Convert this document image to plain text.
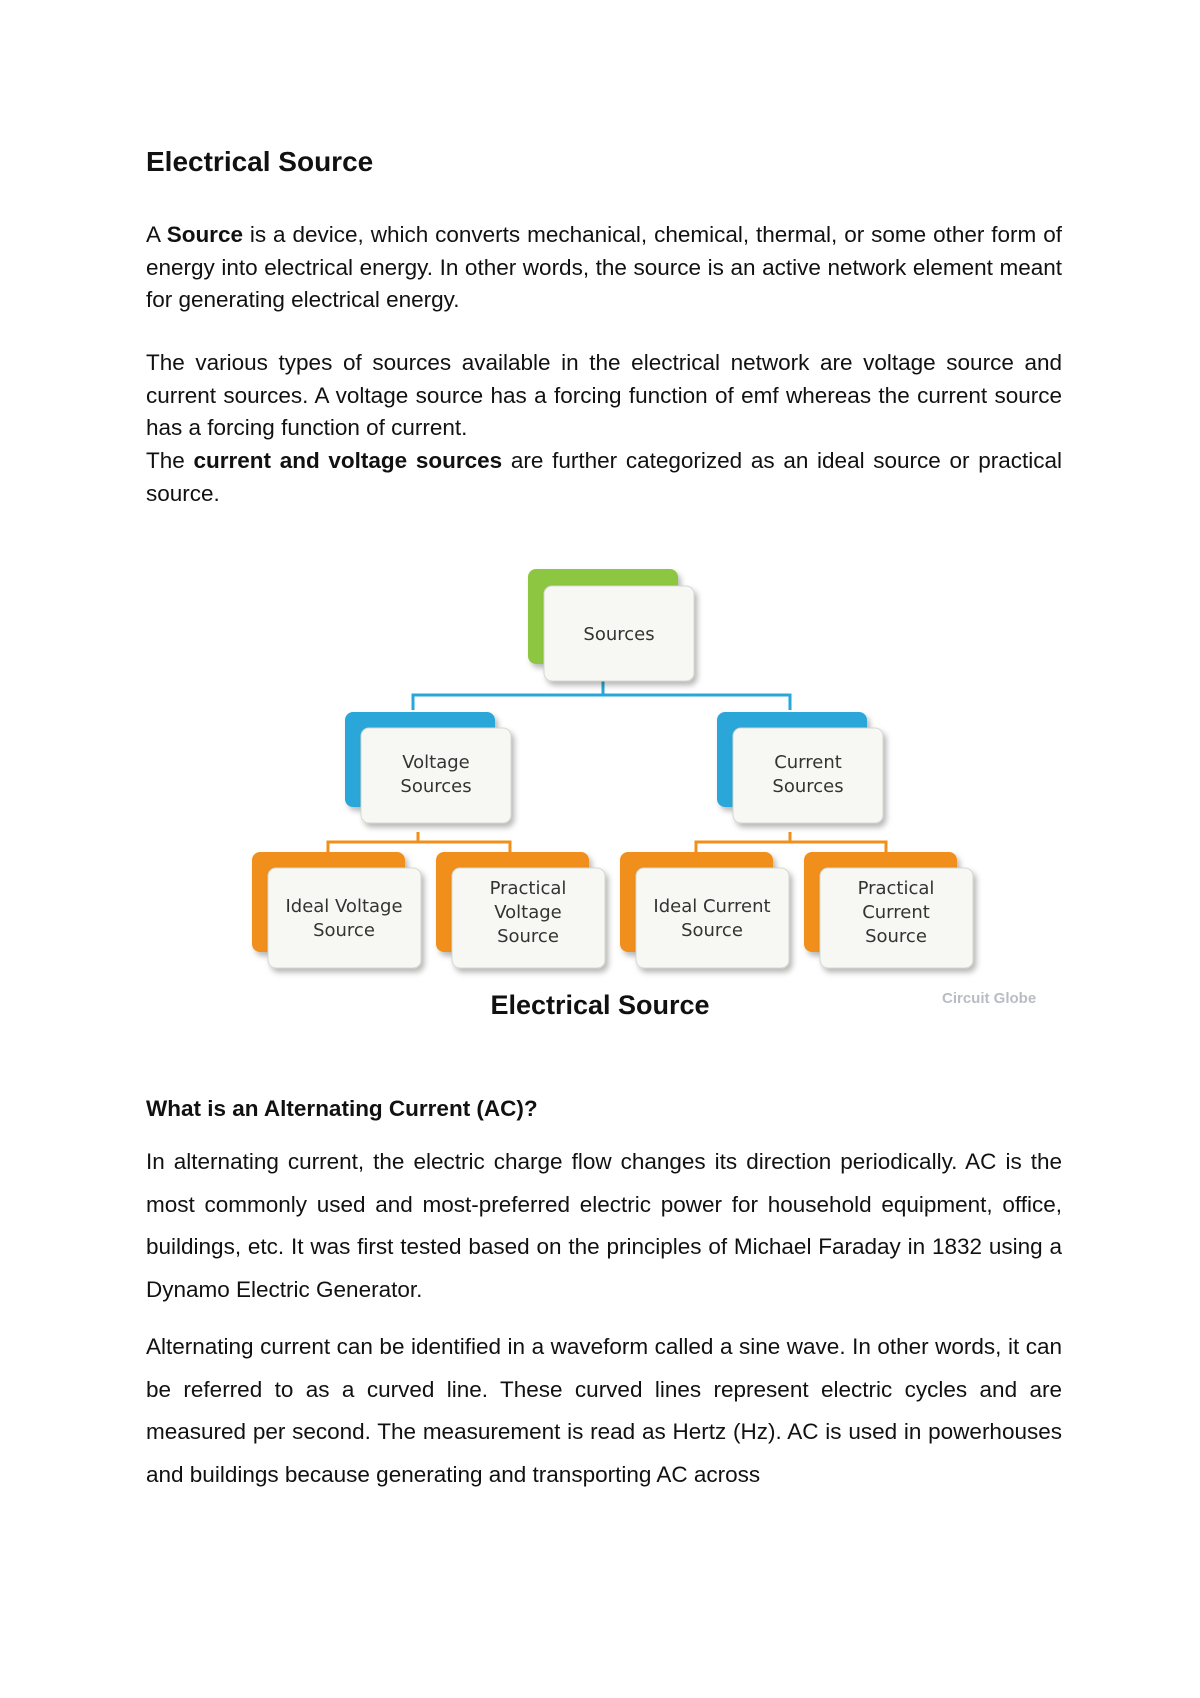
Electrical Source

A Source is a device, which converts mechanical, chemical, thermal, or some other form of energy into electrical energy. In other words, the source is an active network element meant for generating electrical energy.

The various types of sources available in the electrical network are voltage source and current sources. A voltage source has a forcing function of emf whereas the current source has a forcing function of current.

The current and voltage sources are further categorized as an ideal source or practical source.

Sources
Voltage
Sources
Current
Sources
Ideal Voltage
Source
Practical
Voltage
Source
Ideal Current
Source
Practical
Current
Source

Electrical Source	Circuit Globe
What is an Alternating Current (AC)?

In alternating current, the electric charge flow changes its direction periodically. AC is the most commonly used and most-preferred electric power for household equipment, office, buildings, etc. It was first tested based on the principles of Michael Faraday in 1832 using a Dynamo Electric Generator.

Alternating current can be identified in a waveform called a sine wave. In other words, it can be referred to as a curved line. These curved lines represent electric cycles and are measured per second. The measurement is read as Hertz (Hz). AC is used in powerhouses and buildings because generating and transporting AC across
